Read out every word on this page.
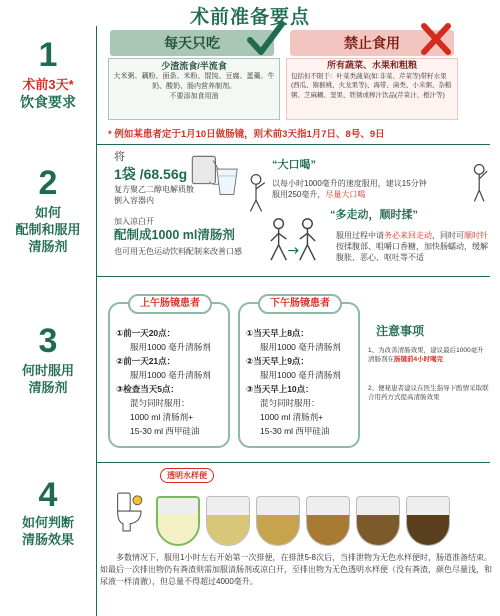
术前准备要点
1
术前3天*
饮食要求
每天只吃	禁止食用
少渣流食/半流食
大米粥、藕粉、面条、米粉、馄饨、豆腐、蛋羹、牛奶、酸奶、肠内营养制剂。
不要添加食用油
所有蔬菜、水果和粗粮
包括但不限于：叶菜类蔬菜(如:非菜、芹菜等)带籽水果(西瓜、猕猴桃、火龙果等)、海带、菌类、小米粥、杂粮粥、芝麻糊、坚果、铁锈或榨汁饮品(芹菜汁、橙汁等)
* 例如某患者定于1月10日做肠镜，则术前3天指1月7日、8号、9日
2
如何
配制和服用
清肠剂
将
1袋 /68.56g
复方聚乙二醇电解质散
倒入容器内
加入凉白开
配制成1000 ml清肠剂
也可用无色运动饮料配制来改善口感
“大口喝”
以每小时1000毫升的速度服用，建议15分钟
服用250毫升，尽量大口喝
“多走动，顺时揉”
服用过程中请务必来回走动，同时可顺时针按揉腹部、咀嚼口香糖，加快肠蠕动，缓解腹胀、恶心、呕吐等不适
3
何时服用
清肠剂
上午肠镜患者
①前一天20点：
服用1000 毫升清肠剂
②前一天21点：
服用1000 毫升清肠剂
③检查当天5点：
混匀同时服用：
1000 ml 清肠剂+
15-30 ml 西甲硅油
下午肠镜患者
①当天早上8点：
服用1000 毫升清肠剂
②当天早上9点：
服用1000 毫升清肠剂
③当天早上10点：
混匀同时服用：
1000 ml 清肠剂+
15-30 ml 西甲硅油
注意事项
1、为改善清肠效果，建议最后1000毫升清肠剂在肠镜前4小时喝完
2、便秘患者建议在医生指导下酌情采取联合用药方式提高清肠效果
4
如何判断
清肠效果
透明水样便
多数情况下，服用1小时左右开始第一次排便，在排泄5-8次后，当排泄物为无色水样便时，肠道准备结束。如最后一次排出物仍有粪渣则需加服清肠剂或凉白开，至排出物为无色透明水样便（没有粪渣，颜色尽量浅，和尿液一样清澈），但总量不得超过4000毫升。
